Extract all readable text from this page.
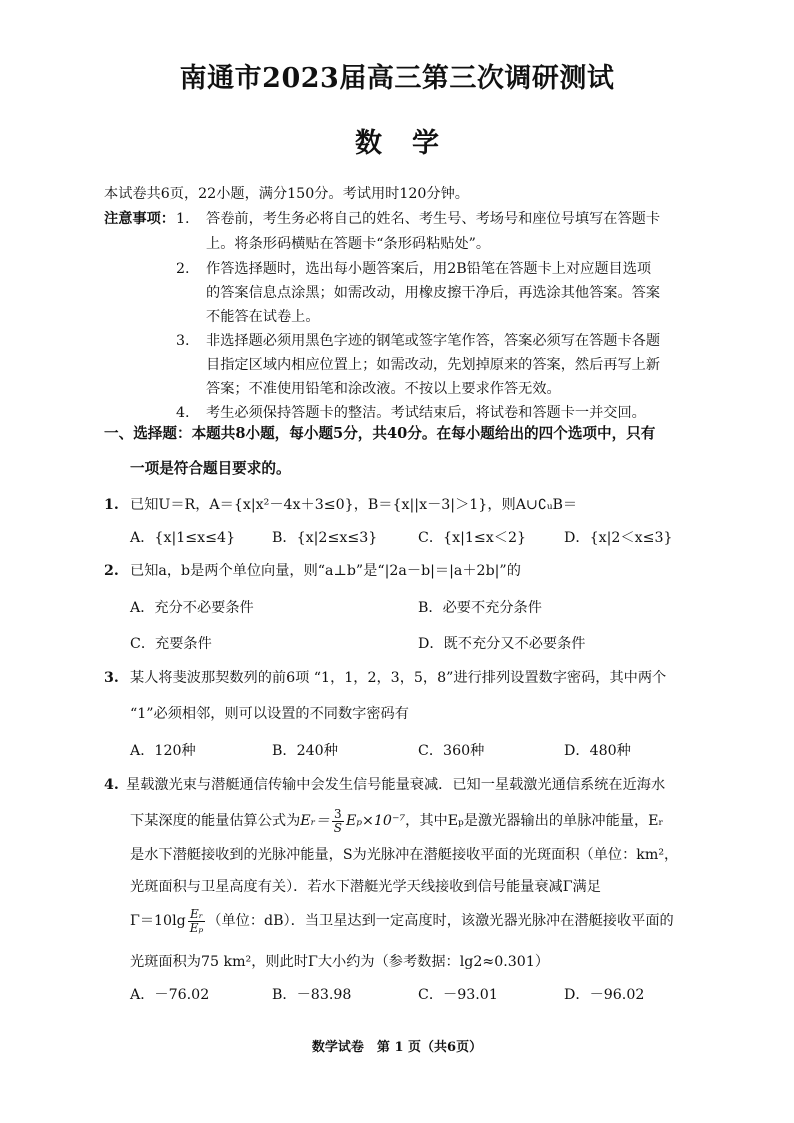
南通市2023届高三第三次调研测试
数学
本试卷共6页，22小题，满分150分。考试用时120分钟。
注意事项： 1. 答卷前，考生务必将自己的姓名、考生号、考场号和座位号填写在答题卡
上。将条形码横贴在答题卡“条形码粘贴处”。
2. 作答选择题时，选出每小题答案后，用2B铅笔在答题卡上对应题目选项
的答案信息点涂黑；如需改动，用橡皮擦干净后，再选涂其他答案。答案
不能答在试卷上。
3. 非选择题必须用黑色字迹的钢笔或签字笔作答，答案必须写在答题卡各题
目指定区域内相应位置上；如需改动，先划掉原来的答案，然后再写上新
答案；不准使用铅笔和涂改液。不按以上要求作答无效。
4. 考生必须保持答题卡的整洁。考试结束后，将试卷和答题卡一并交回。
一、选择题：本题共8小题，每小题5分，共40分。在每小题给出的四个选项中，只有
一项是符合题目要求的。
1. 已知U＝R，A＝{x|x²－4x＋3≤0}，B＝{x||x－3|＞1}，则A∪∁ᵤB＝
A．{x|1≤x≤4}	B．{x|2≤x≤3}	C．{x|1≤x＜2}	D．{x|2＜x≤3}
2. 已知a，b是两个单位向量，则“a⊥b”是“|2a－b|＝|a＋2b|”的
A．充分不必要条件	B．必要不充分条件
C．充要条件	D．既不充分又不必要条件
3. 某人将斐波那契数列的前6项 “1，1，2，3，5，8”进行排列设置数字密码，其中两个
“1”必须相邻，则可以设置的不同数字密码有
A．120种	B．240种	C．360种	D．480种
4. 星载激光束与潜艇通信传输中会发生信号能量衰减．已知一星载激光通信系统在近海水
下某深度的能量估算公式为Eᵣ＝ $\frac{3}{S} E_p\times 10^{-7}$，其中Eₚ是激光器输出的单脉冲能量，Eᵣ
是水下潜艇接收到的光脉冲能量，S为光脉冲在潜艇接收平面的光斑面积（单位：km²，
光斑面积与卫星高度有关）．若水下潜艇光学天线接收到信号能量衰减Γ满足
$\Gamma=10\lg \frac{\text{Eᵣ}}{\text{Eₚ}}$ （单位：dB）．当卫星达到一定高度时，该激光器光脉冲在潜艇接收平面的
光斑面积为75 km²，则此时Γ大小约为（参考数据：lg2≈0.301）
A．－76.02	B．－83.98	C．－93.01	D．－96.02
数学试卷　第 1 页（共6页）
